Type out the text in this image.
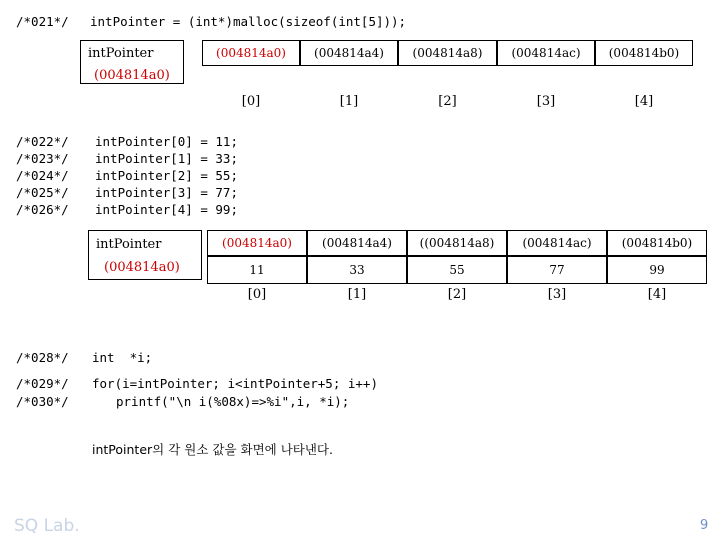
/*021*/ intPointer = (int*)malloc(sizeof(int[5]));
intPointer
(004814a0)
(004814a0) (004814a4) (004814a8) (004814ac) (004814b0)
[0]	[1]	[2]	[3]	[4]
/*022*/
/*023*/
/*024*/
/*025*/
/*026*/
intPointer[0] = 11;
intPointer[1] = 33;
intPointer[2] = 55;
intPointer[3] = 77;
intPointer[4] = 99;
intPointer
(004814a0)
(004814a0)	(004814a4) ((004814a8) (004814ac)	(004814b0)
11	33	55	77	99
[0]	[1]	[2]	[3]	[4]
/*028*/ int  *i;
/*029*/ for(i=intPointer; i<intPointer+5; i++)
/*030*/	printf("\n i(%08x)=>%i",i, *i);
intPointer의 각 원소 값을 화면에 나타낸다.
SQ Lab.	9
